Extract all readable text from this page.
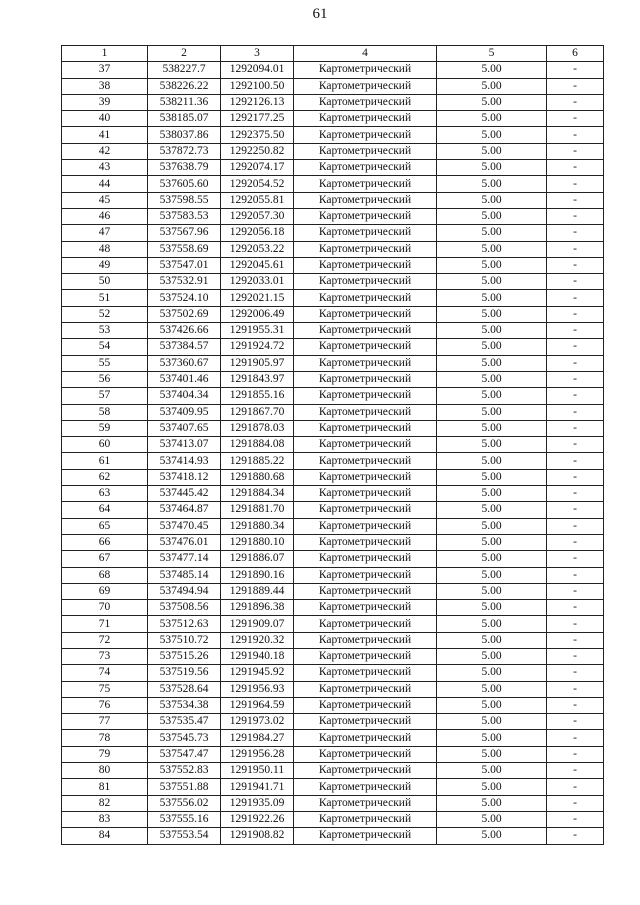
61
1	2	3	4	5	6
37	538227.7	1292094.01	Картометрический	5.00	-
38	538226.22	1292100.50	Картометрический	5.00	-
39	538211.36	1292126.13	Картометрический	5.00	-
40	538185.07	1292177.25	Картометрический	5.00	-
41	538037.86	1292375.50	Картометрический	5.00	-
42	537872.73	1292250.82	Картометрический	5.00	-
43	537638.79	1292074.17	Картометрический	5.00	-
44	537605.60	1292054.52	Картометрический	5.00	-
45	537598.55	1292055.81	Картометрический	5.00	-
46	537583.53	1292057.30	Картометрический	5.00	-
47	537567.96	1292056.18	Картометрический	5.00	-
48	537558.69	1292053.22	Картометрический	5.00	-
49	537547.01	1292045.61	Картометрический	5.00	-
50	537532.91	1292033.01	Картометрический	5.00	-
51	537524.10	1292021.15	Картометрический	5.00	-
52	537502.69	1292006.49	Картометрический	5.00	-
53	537426.66	1291955.31	Картометрический	5.00	-
54	537384.57	1291924.72	Картометрический	5.00	-
55	537360.67	1291905.97	Картометрический	5.00	-
56	537401.46	1291843.97	Картометрический	5.00	-
57	537404.34	1291855.16	Картометрический	5.00	-
58	537409.95	1291867.70	Картометрический	5.00	-
59	537407.65	1291878.03	Картометрический	5.00	-
60	537413.07	1291884.08	Картометрический	5.00	-
61	537414.93	1291885.22	Картометрический	5.00	-
62	537418.12	1291880.68	Картометрический	5.00	-
63	537445.42	1291884.34	Картометрический	5.00	-
64	537464.87	1291881.70	Картометрический	5.00	-
65	537470.45	1291880.34	Картометрический	5.00	-
66	537476.01	1291880.10	Картометрический	5.00	-
67	537477.14	1291886.07	Картометрический	5.00	-
68	537485.14	1291890.16	Картометрический	5.00	-
69	537494.94	1291889.44	Картометрический	5.00	-
70	537508.56	1291896.38	Картометрический	5.00	-
71	537512.63	1291909.07	Картометрический	5.00	-
72	537510.72	1291920.32	Картометрический	5.00	-
73	537515.26	1291940.18	Картометрический	5.00	-
74	537519.56	1291945.92	Картометрический	5.00	-
75	537528.64	1291956.93	Картометрический	5.00	-
76	537534.38	1291964.59	Картометрический	5.00	-
77	537535.47	1291973.02	Картометрический	5.00	-
78	537545.73	1291984.27	Картометрический	5.00	-
79	537547.47	1291956.28	Картометрический	5.00	-
80	537552.83	1291950.11	Картометрический	5.00	-
81	537551.88	1291941.71	Картометрический	5.00	-
82	537556.02	1291935.09	Картометрический	5.00	-
83	537555.16	1291922.26	Картометрический	5.00	-
84	537553.54	1291908.82	Картометрический	5.00	-
